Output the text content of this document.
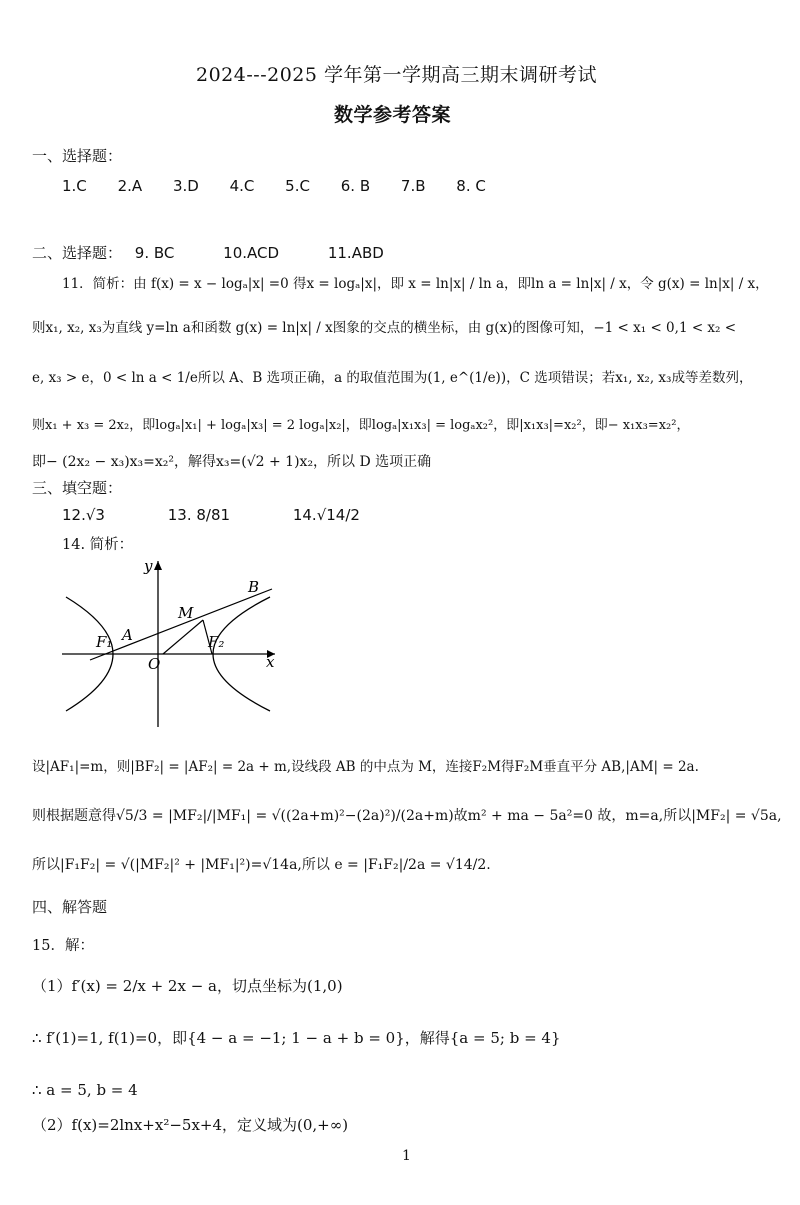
2024---2025 学年第一学期高三期末调研考试
数学参考答案
一、选择题：
1.C 2.A 3.D 4.C 5.C 6. B 7.B 8. C
二、选择题： 9. BC	10.ACD	11.ABD
11．简析：由 f(x) = x − logₐ|x| =0 得x = logₐ|x|，即 x = ln|x| / ln a，即ln a = ln|x| / x，令 g(x) = ln|x| / x，
则x₁, x₂, x₃为直线 y=ln a和函数 g(x) = ln|x| / x图象的交点的横坐标，由 g(x)的图像可知，−1 < x₁ < 0,1 < x₂ <
e, x₃ > e，0 < ln a < 1/e所以 A、B 选项正确，a 的取值范围为(1, e^(1/e))，C 选项错误；若x₁, x₂, x₃成等差数列，
则x₁ + x₃ = 2x₂，即logₐ|x₁| + logₐ|x₃| = 2 logₐ|x₂|，即logₐ|x₁x₃| = logₐx₂²，即|x₁x₃|=x₂²，即− x₁x₃=x₂²，
即− (2x₂ − x₃)x₃=x₂²，解得x₃=(√2 + 1)x₂，所以 D 选项正确
三、填空题：
12.√3	13. 8/81	14.√14/2
14. 简析：
y
x
O
A
B
M
F₁	F₂
设|AF₁|=m，则|BF₂| = |AF₂| = 2a + m,设线段 AB 的中点为 M，连接F₂M得F₂M垂直平分 AB,|AM| = 2a.
则根据题意得√5/3 = |MF₂|/|MF₁| = √((2a+m)²−(2a)²)/(2a+m)故m² + ma − 5a²=0 故，m=a,所以|MF₂| = √5a,
所以|F₁F₂| = √(|MF₂|² + |MF₁|²)=√14a,所以 e = |F₁F₂|/2a = √14/2.
四、解答题
15．解：
（1）f′(x) = 2/x + 2x − a，切点坐标为(1,0)
∴ f′(1)=1, f(1)=0，即{4 − a = −1; 1 − a + b = 0}，解得{a = 5; b = 4}
∴ a = 5, b = 4
（2）f(x)=2lnx+x²−5x+4，定义域为(0,+∞)
1
